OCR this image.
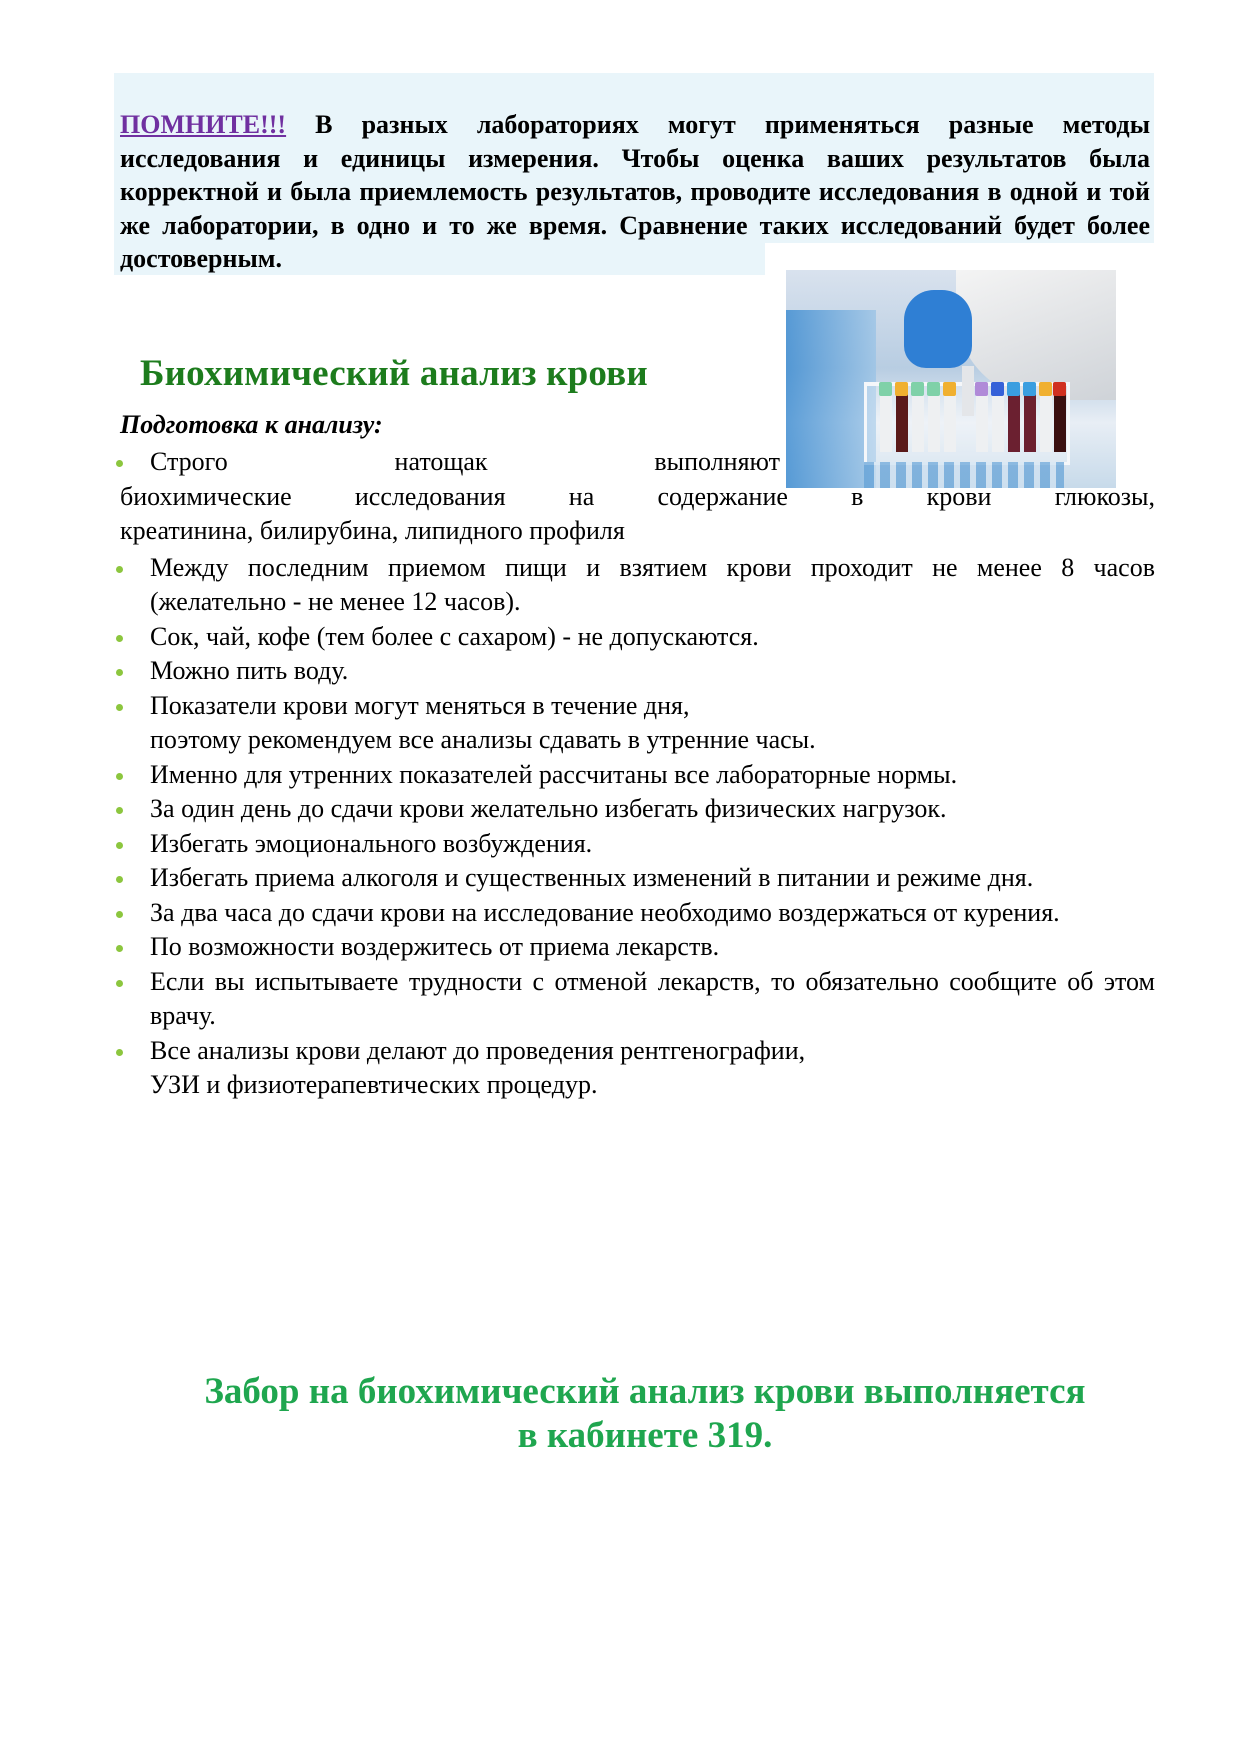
ПОМНИТЕ!!! В разных лабораториях могут применяться разные методы исследования и единицы измерения. Чтобы оценка ваших результатов была корректной и была приемлемость результатов, проводите исследования в одной и той же лаборатории, в одно и то же время. Сравнение таких исследований будет более достоверным.
Биохимический анализ крови
Подготовка к анализу:
Строго	натощак	выполняют
биохимические исследования на содержание в крови глюкозы,
креатинина, билирубина, липидного профиля
Между последним приемом пищи и взятием крови проходит не менее 8 часов (желательно - не менее 12 часов).
Сок, чай, кофе (тем более с сахаром) - не допускаются.
Можно пить воду.
Показатели крови могут меняться в течение дня,
поэтому рекомендуем все анализы сдавать в утренние часы.
Именно для утренних показателей рассчитаны все лабораторные нормы.
За один день до сдачи крови желательно избегать физических нагрузок.
Избегать эмоционального возбуждения.
Избегать приема алкоголя и существенных изменений в питании и режиме дня.
За два часа до сдачи крови на исследование необходимо воздержаться от курения.
По возможности воздержитесь от приема лекарств.
Если вы испытываете трудности с отменой лекарств, то обязательно сообщите об этом врачу.
Все анализы крови делают до проведения рентгенографии,
УЗИ и физиотерапевтических процедур.
Забор на биохимический анализ крови выполняется
в кабинете 319.
